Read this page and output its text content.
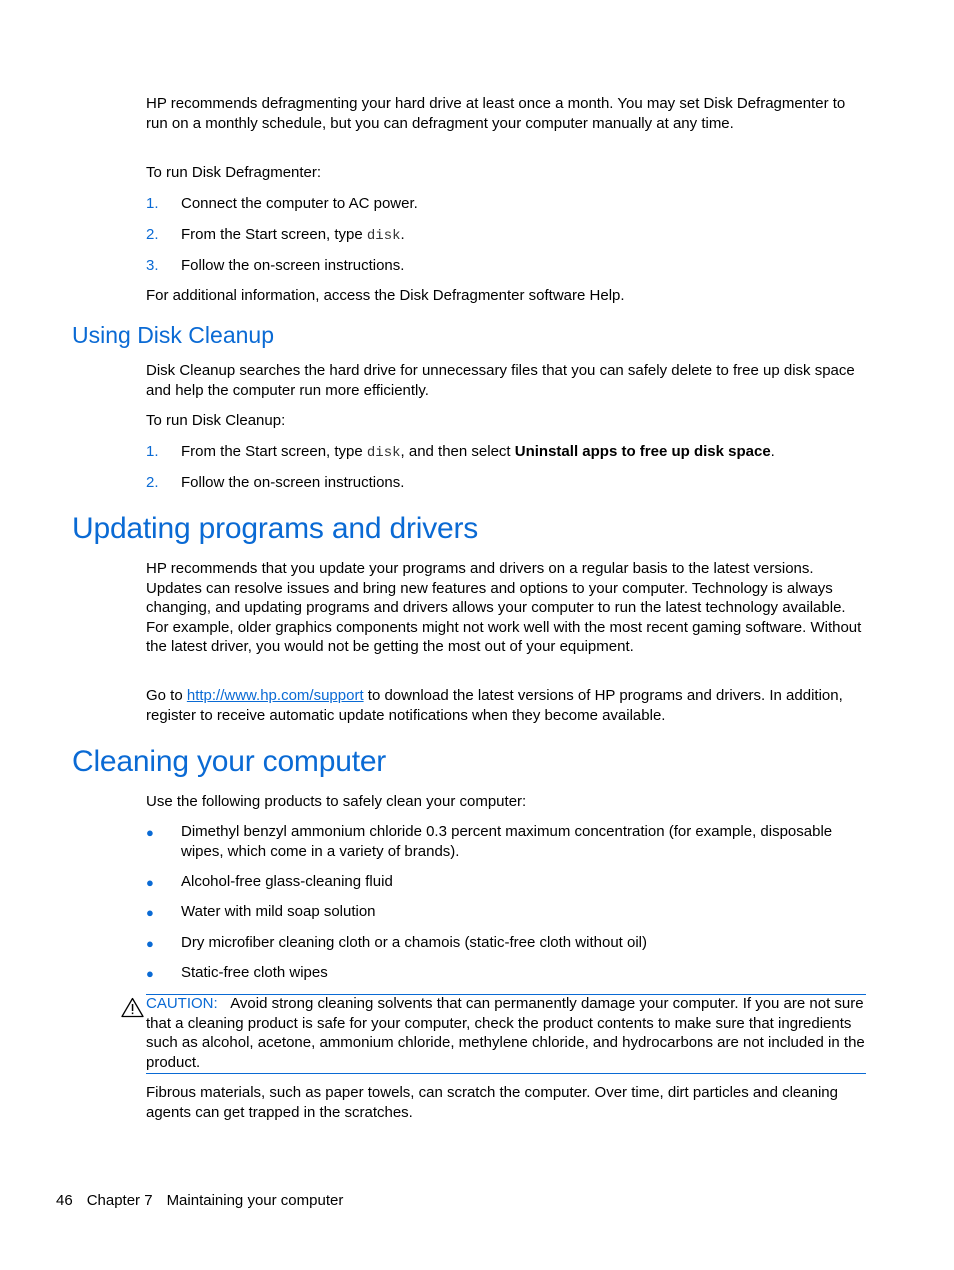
HP recommends defragmenting your hard drive at least once a month. You may set Disk Defragmenter to run on a monthly schedule, but you can defragment your computer manually at any time.

To run Disk Defragmenter:

1. Connect the computer to AC power.
2. From the Start screen, type disk.
3. Follow the on-screen instructions.

For additional information, access the Disk Defragmenter software Help.

Using Disk Cleanup

Disk Cleanup searches the hard drive for unnecessary files that you can safely delete to free up disk space and help the computer run more efficiently.

To run Disk Cleanup:

1. From the Start screen, type disk, and then select Uninstall apps to free up disk space.
2. Follow the on-screen instructions.
Updating programs and drivers

HP recommends that you update your programs and drivers on a regular basis to the latest versions. Updates can resolve issues and bring new features and options to your computer. Technology is always changing, and updating programs and drivers allows your computer to run the latest technology available. For example, older graphics components might not work well with the most recent gaming software. Without the latest driver, you would not be getting the most out of your equipment.

Go to http://www.hp.com/support to download the latest versions of HP programs and drivers. In addition, register to receive automatic update notifications when they become available.

Cleaning your computer

Use the following products to safely clean your computer:

● Dimethyl benzyl ammonium chloride 0.3 percent maximum concentration (for example, disposable wipes, which come in a variety of brands).
● Alcohol-free glass-cleaning fluid
● Water with mild soap solution
● Dry microfiber cleaning cloth or a chamois (static-free cloth without oil)
● Static-free cloth wipes

CAUTION: Avoid strong cleaning solvents that can permanently damage your computer. If you are not sure that a cleaning product is safe for your computer, check the product contents to make sure that ingredients such as alcohol, acetone, ammonium chloride, methylene chloride, and hydrocarbons are not included in the product.

Fibrous materials, such as paper towels, can scratch the computer. Over time, dirt particles and cleaning agents can get trapped in the scratches.

46 Chapter 7 Maintaining your computer
